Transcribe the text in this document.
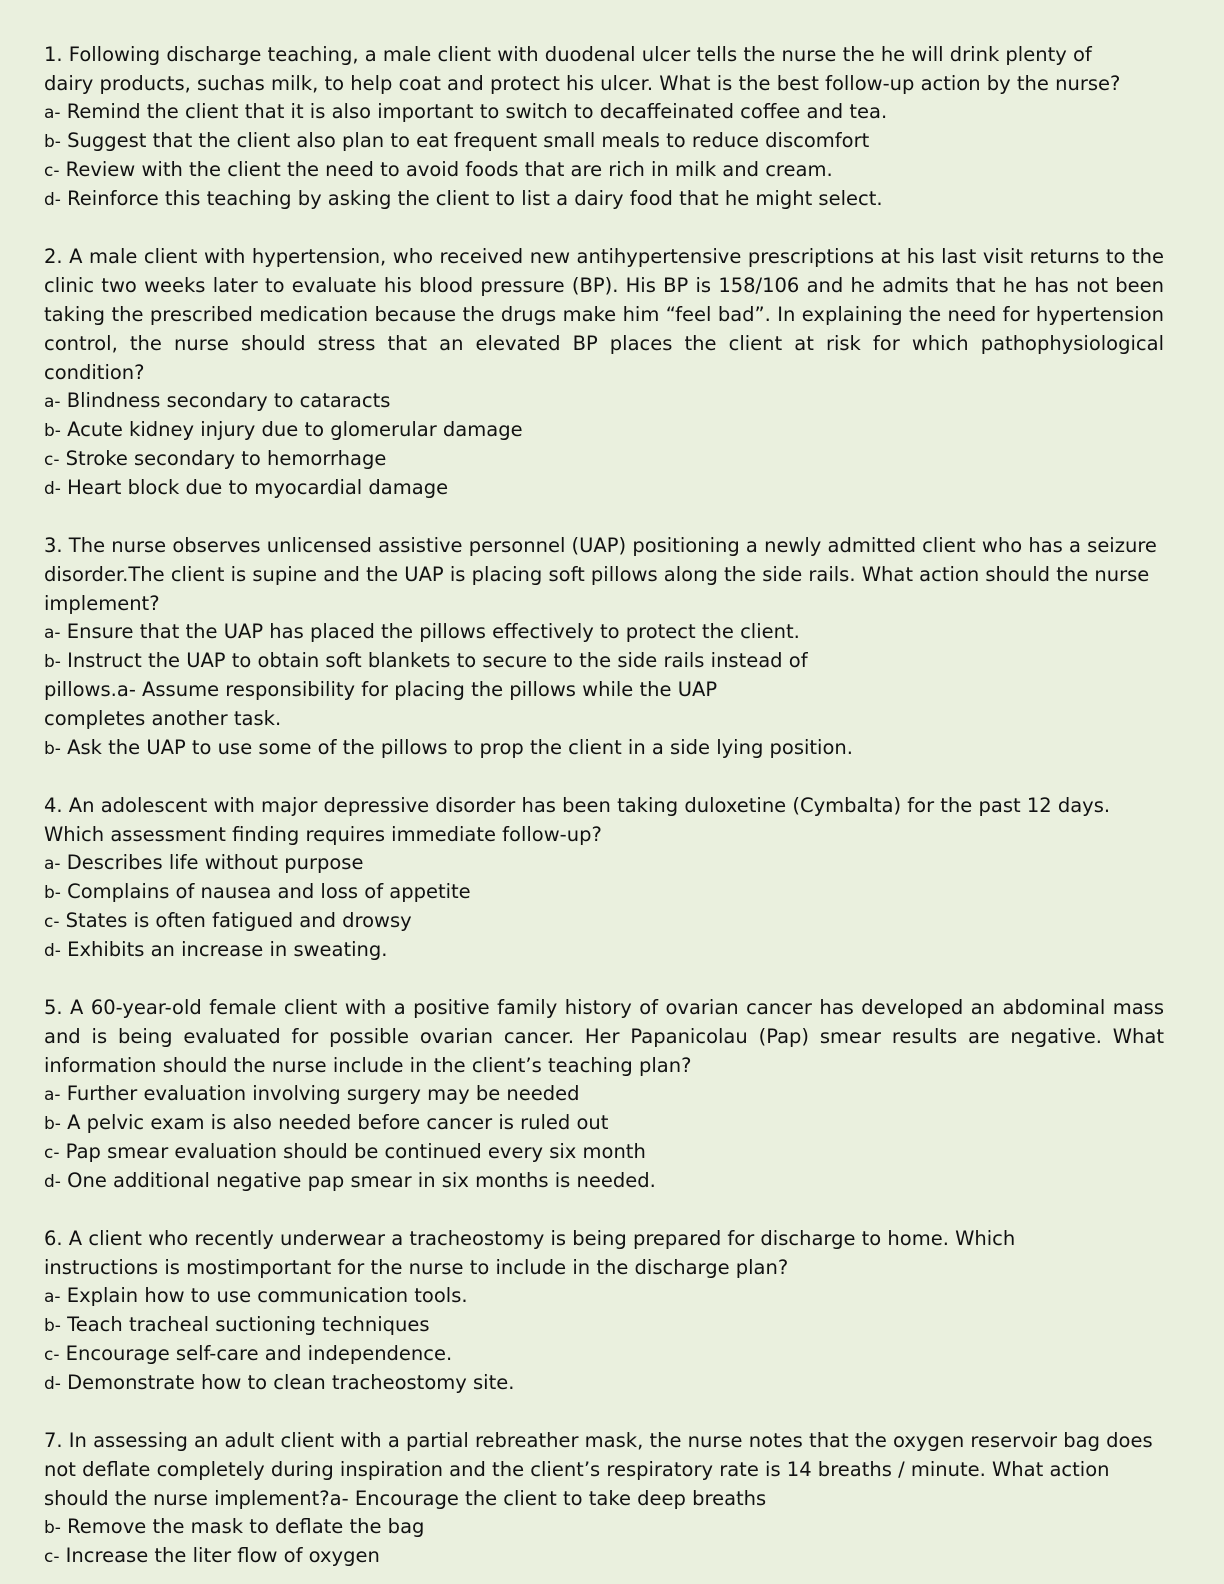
1. Following discharge teaching, a male client with duodenal ulcer tells the nurse the he will drink plenty of dairy products, suchas milk, to help coat and protect his ulcer. What is the best follow-up action by the nurse?

a- Remind the client that it is also important to switch to decaffeinated coffee and tea.

b- Suggest that the client also plan to eat frequent small meals to reduce discomfort

c- Review with the client the need to avoid foods that are rich in milk and cream.

d- Reinforce this teaching by asking the client to list a dairy food that he might select.

2. A male client with hypertension, who received new antihypertensive prescriptions at his last visit returns to the clinic two weeks later to evaluate his blood pressure (BP). His BP is 158/106 and he admits that he has not been taking the prescribed medication because the drugs make him “feel bad”. In explaining the need for hypertension control, the nurse should stress that an elevated BP places the client at risk for which pathophysiological condition?

a- Blindness secondary to cataracts

b- Acute kidney injury due to glomerular damage

c- Stroke secondary to hemorrhage

d- Heart block due to myocardial damage

3. The nurse observes unlicensed assistive personnel (UAP) positioning a newly admitted client who has a seizure disorder.The client is supine and the UAP is placing soft pillows along the side rails. What action should the nurse implement?

a- Ensure that the UAP has placed the pillows effectively to protect the client.

b- Instruct the UAP to obtain soft blankets to secure to the side rails instead of

pillows.a- Assume responsibility for placing the pillows while the UAP

completes another task.

b- Ask the UAP to use some of the pillows to prop the client in a side lying position.

4. An adolescent with major depressive disorder has been taking duloxetine (Cymbalta) for the past 12 days. Which assessment finding requires immediate follow-up?

a- Describes life without purpose

b- Complains of nausea and loss of appetite

c- States is often fatigued and drowsy

d- Exhibits an increase in sweating.

5. A 60-year-old female client with a positive family history of ovarian cancer has developed an abdominal mass and is being evaluated for possible ovarian cancer. Her Papanicolau (Pap) smear results are negative. What information should the nurse include in the client’s teaching plan?

a- Further evaluation involving surgery may be needed

b- A pelvic exam is also needed before cancer is ruled out

c- Pap smear evaluation should be continued every six month

d- One additional negative pap smear in six months is needed.

6. A client who recently underwear a tracheostomy is being prepared for discharge to home. Which instructions is mostimportant for the nurse to include in the discharge plan?

a- Explain how to use communication tools.

b- Teach tracheal suctioning techniques

c- Encourage self-care and independence.

d- Demonstrate how to clean tracheostomy site.

7. In assessing an adult client with a partial rebreather mask, the nurse notes that the oxygen reservoir bag does not deflate completely during inspiration and the client’s respiratory rate is 14 breaths / minute. What action should the nurse implement?a- Encourage the client to take deep breaths

b- Remove the mask to deflate the bag

c- Increase the liter flow of oxygen
